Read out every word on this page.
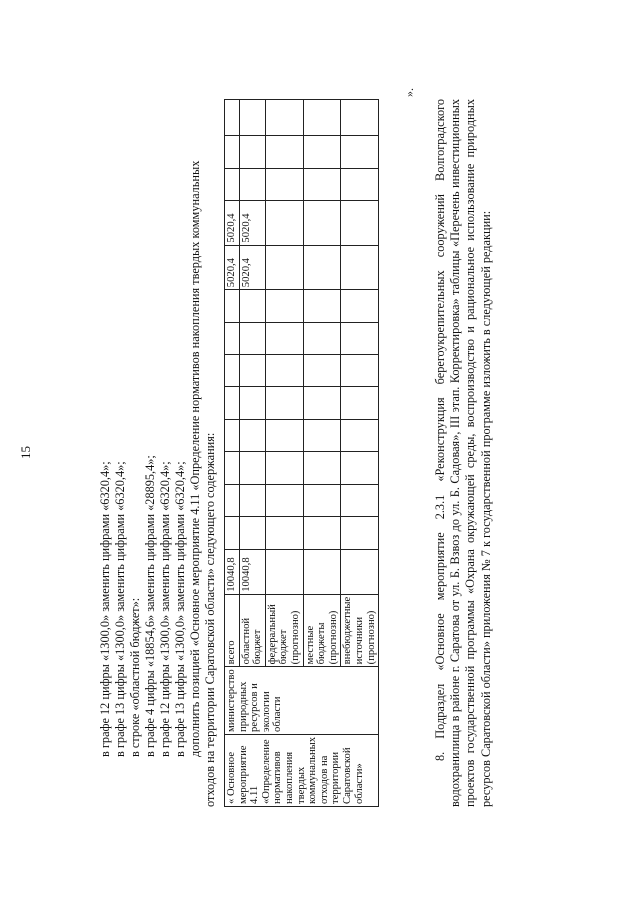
15
в графе 12 цифры «1300,0» заменить цифрами «6320,4»; в графе 13 цифры «1300,0» заменить цифрами «6320,4»; в строке «областной бюджет»: в графе 4 цифры «18854,6» заменить цифрами «28895,4»; в графе 12 цифры «1300,0» заменить цифрами «6320,4»; в графе 13 цифры «1300,0» заменить цифрами «6320,4»; дополнить позицией «Основное мероприятие 4.11 «Определение нормативов накопления твердых коммунальных отходов на территории Саратовской области» следующего содержания: « Основное мероприятие 4.11 «Определение нормативов накопления твердых коммунальных отходов на территории Саратовской области»	министерство природных ресурсов и экологии области	всего	10040,8									5020,4	5020,4			
		областной бюджет	10040,8									5020,4	5020,4			
		федеральный бюджет (прогнозно)														
		местные бюджеты (прогнозно)														
		внебюджетные источники (прогнозно)														
».
8. Подраздел «Основное мероприятие 2.3.1 «Реконструкция берегоукрепительных сооружений Волгоградского водохранилища в районе г. Саратова от ул. Б. Взвоз до ул. Б. Садовая», III этап. Корректировка» таблицы «Перечень инвестиционных проектов государственной программы «Охрана окружающей среды, воспроизводство и рациональное использование природных ресурсов Саратовской области» приложения № 7 к государственной программе изложить в следующей редакции:
